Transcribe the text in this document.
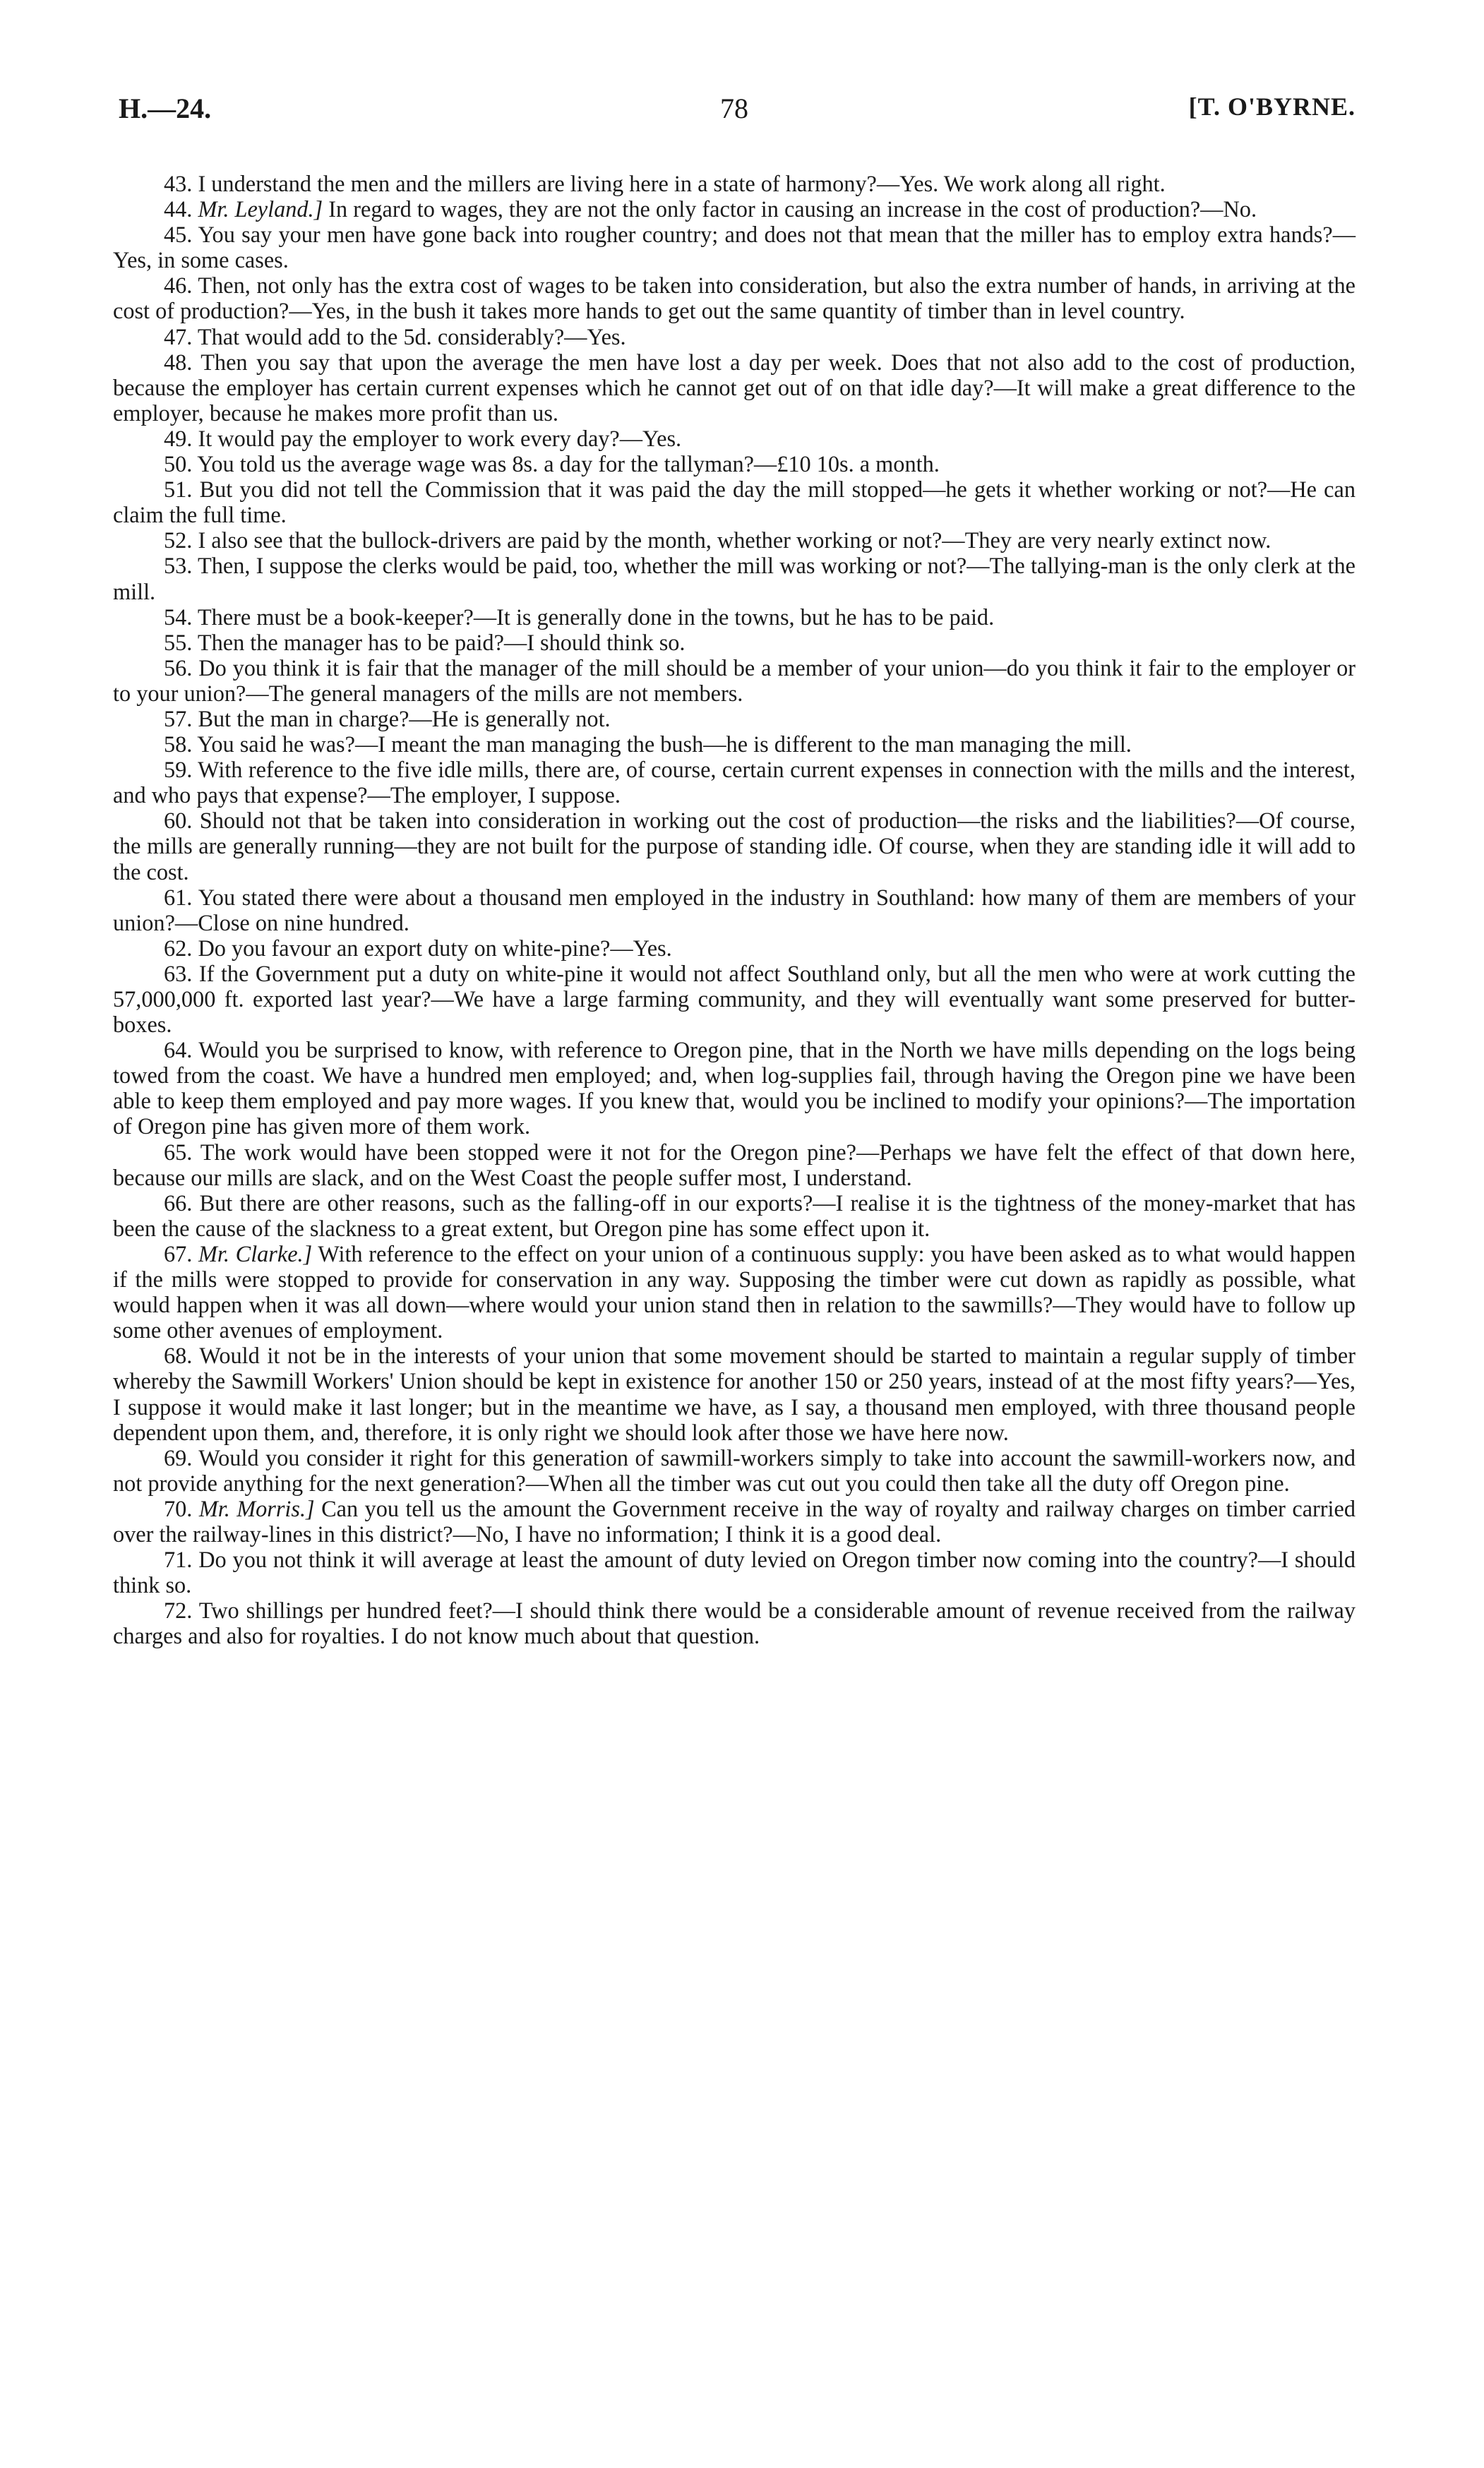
H.—24.	78	[T. O'BYRNE.

43. I understand the men and the millers are living here in a state of harmony?—Yes. We work along all right.

44. Mr. Leyland.] In regard to wages, they are not the only factor in causing an increase in the cost of production?—No.

45. You say your men have gone back into rougher country; and does not that mean that the miller has to employ extra hands?—Yes, in some cases.

46. Then, not only has the extra cost of wages to be taken into consideration, but also the extra number of hands, in arriving at the cost of production?—Yes, in the bush it takes more hands to get out the same quantity of timber than in level country.

47. That would add to the 5d. considerably?—Yes.

48. Then you say that upon the average the men have lost a day per week. Does that not also add to the cost of production, because the employer has certain current expenses which he cannot get out of on that idle day?—It will make a great difference to the employer, because he makes more profit than us.

49. It would pay the employer to work every day?—Yes.

50. You told us the average wage was 8s. a day for the tallyman?—£10 10s. a month.

51. But you did not tell the Commission that it was paid the day the mill stopped—he gets it whether working or not?—He can claim the full time.

52. I also see that the bullock-drivers are paid by the month, whether working or not?—They are very nearly extinct now.

53. Then, I suppose the clerks would be paid, too, whether the mill was working or not?—The tallying-man is the only clerk at the mill.

54. There must be a book-keeper?—It is generally done in the towns, but he has to be paid.

55. Then the manager has to be paid?—I should think so.

56. Do you think it is fair that the manager of the mill should be a member of your union—do you think it fair to the employer or to your union?—The general managers of the mills are not members.

57. But the man in charge?—He is generally not.

58. You said he was?—I meant the man managing the bush—he is different to the man managing the mill.

59. With reference to the five idle mills, there are, of course, certain current expenses in connection with the mills and the interest, and who pays that expense?—The employer, I suppose.

60. Should not that be taken into consideration in working out the cost of production—the risks and the liabilities?—Of course, the mills are generally running—they are not built for the purpose of standing idle. Of course, when they are standing idle it will add to the cost.

61. You stated there were about a thousand men employed in the industry in Southland: how many of them are members of your union?—Close on nine hundred.

62. Do you favour an export duty on white-pine?—Yes.

63. If the Government put a duty on white-pine it would not affect Southland only, but all the men who were at work cutting the 57,000,000 ft. exported last year?—We have a large farming community, and they will eventually want some preserved for butter-boxes.

64. Would you be surprised to know, with reference to Oregon pine, that in the North we have mills depending on the logs being towed from the coast. We have a hundred men employed; and, when log-supplies fail, through having the Oregon pine we have been able to keep them employed and pay more wages. If you knew that, would you be inclined to modify your opinions?—The importation of Oregon pine has given more of them work.

65. The work would have been stopped were it not for the Oregon pine?—Perhaps we have felt the effect of that down here, because our mills are slack, and on the West Coast the people suffer most, I understand.

66. But there are other reasons, such as the falling-off in our exports?—I realise it is the tightness of the money-market that has been the cause of the slackness to a great extent, but Oregon pine has some effect upon it.

67. Mr. Clarke.] With reference to the effect on your union of a continuous supply: you have been asked as to what would happen if the mills were stopped to provide for conservation in any way. Supposing the timber were cut down as rapidly as possible, what would happen when it was all down—where would your union stand then in relation to the sawmills?—They would have to follow up some other avenues of employment.

68. Would it not be in the interests of your union that some movement should be started to maintain a regular supply of timber whereby the Sawmill Workers' Union should be kept in existence for another 150 or 250 years, instead of at the most fifty years?—Yes, I suppose it would make it last longer; but in the meantime we have, as I say, a thousand men employed, with three thousand people dependent upon them, and, therefore, it is only right we should look after those we have here now.

69. Would you consider it right for this generation of sawmill-workers simply to take into account the sawmill-workers now, and not provide anything for the next generation?—When all the timber was cut out you could then take all the duty off Oregon pine.

70. Mr. Morris.] Can you tell us the amount the Government receive in the way of royalty and railway charges on timber carried over the railway-lines in this district?—No, I have no information; I think it is a good deal.

71. Do you not think it will average at least the amount of duty levied on Oregon timber now coming into the country?—I should think so.

72. Two shillings per hundred feet?—I should think there would be a considerable amount of revenue received from the railway charges and also for royalties. I do not know much about that question.
